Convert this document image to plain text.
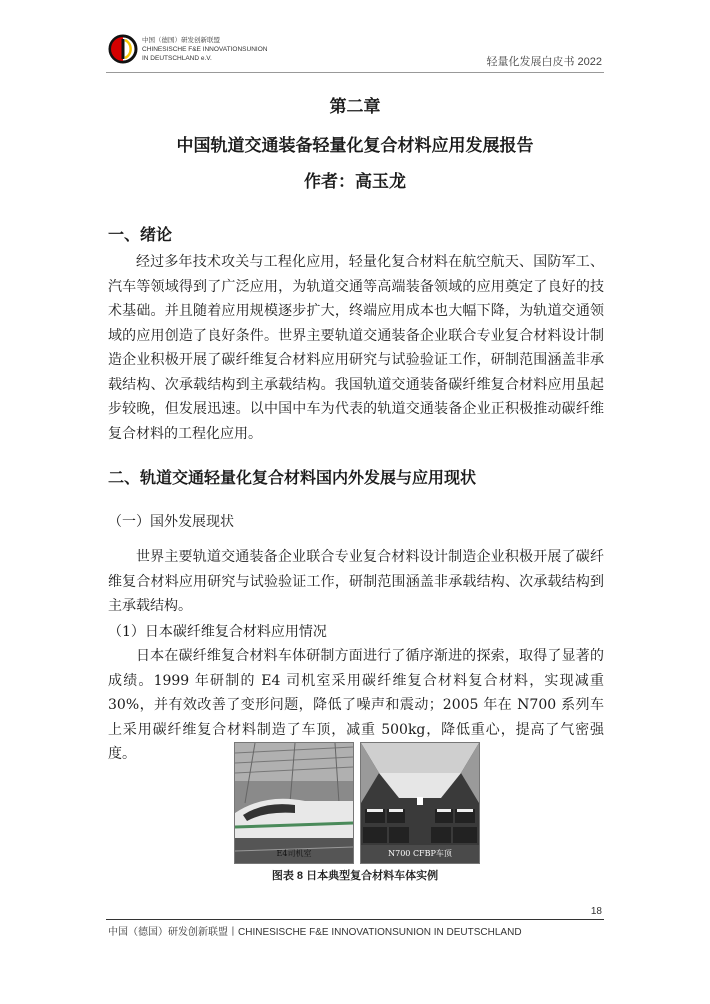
中国（德国）研发创新联盟
CHINESISCHE F&E INNOVATIONSUNION
IN DEUTSCHLAND e.V.	轻量化发展白皮书 2022
第二章
中国轨道交通装备轻量化复合材料应用发展报告
作者：高玉龙
一、绪论

经过多年技术攻关与工程化应用，轻量化复合材料在航空航天、国防军工、汽车等领域得到了广泛应用，为轨道交通等高端装备领域的应用奠定了良好的技术基础。并且随着应用规模逐步扩大，终端应用成本也大幅下降，为轨道交通领域的应用创造了良好条件。世界主要轨道交通装备企业联合专业复合材料设计制造企业积极开展了碳纤维复合材料应用研究与试验验证工作，研制范围涵盖非承载结构、次承载结构到主承载结构。我国轨道交通装备碳纤维复合材料应用虽起步较晚，但发展迅速。以中国中车为代表的轨道交通装备企业正积极推动碳纤维复合材料的工程化应用。

二、轨道交通轻量化复合材料国内外发展与应用现状
（一）国外发展现状

世界主要轨道交通装备企业联合专业复合材料设计制造企业积极开展了碳纤维复合材料应用研究与试验验证工作，研制范围涵盖非承载结构、次承载结构到主承载结构。

（1）日本碳纤维复合材料应用情况

日本在碳纤维复合材料车体研制方面进行了循序渐进的探索，取得了显著的成绩。1999 年研制的 E4 司机室采用碳纤维复合材料复合材料，实现减重 30%，并有效改善了变形问题，降低了噪声和震动；2005 年在 N700 系列车上采用碳纤维复合材料制造了车顶，减重 500kg，降低重心，提高了气密强度。

E4司机室	N700 CFBP车顶
图表 8 日本典型复合材料车体实例
18
中国（德国）研发创新联盟丨CHINESISCHE F&E INNOVATIONSUNION IN DEUTSCHLAND
